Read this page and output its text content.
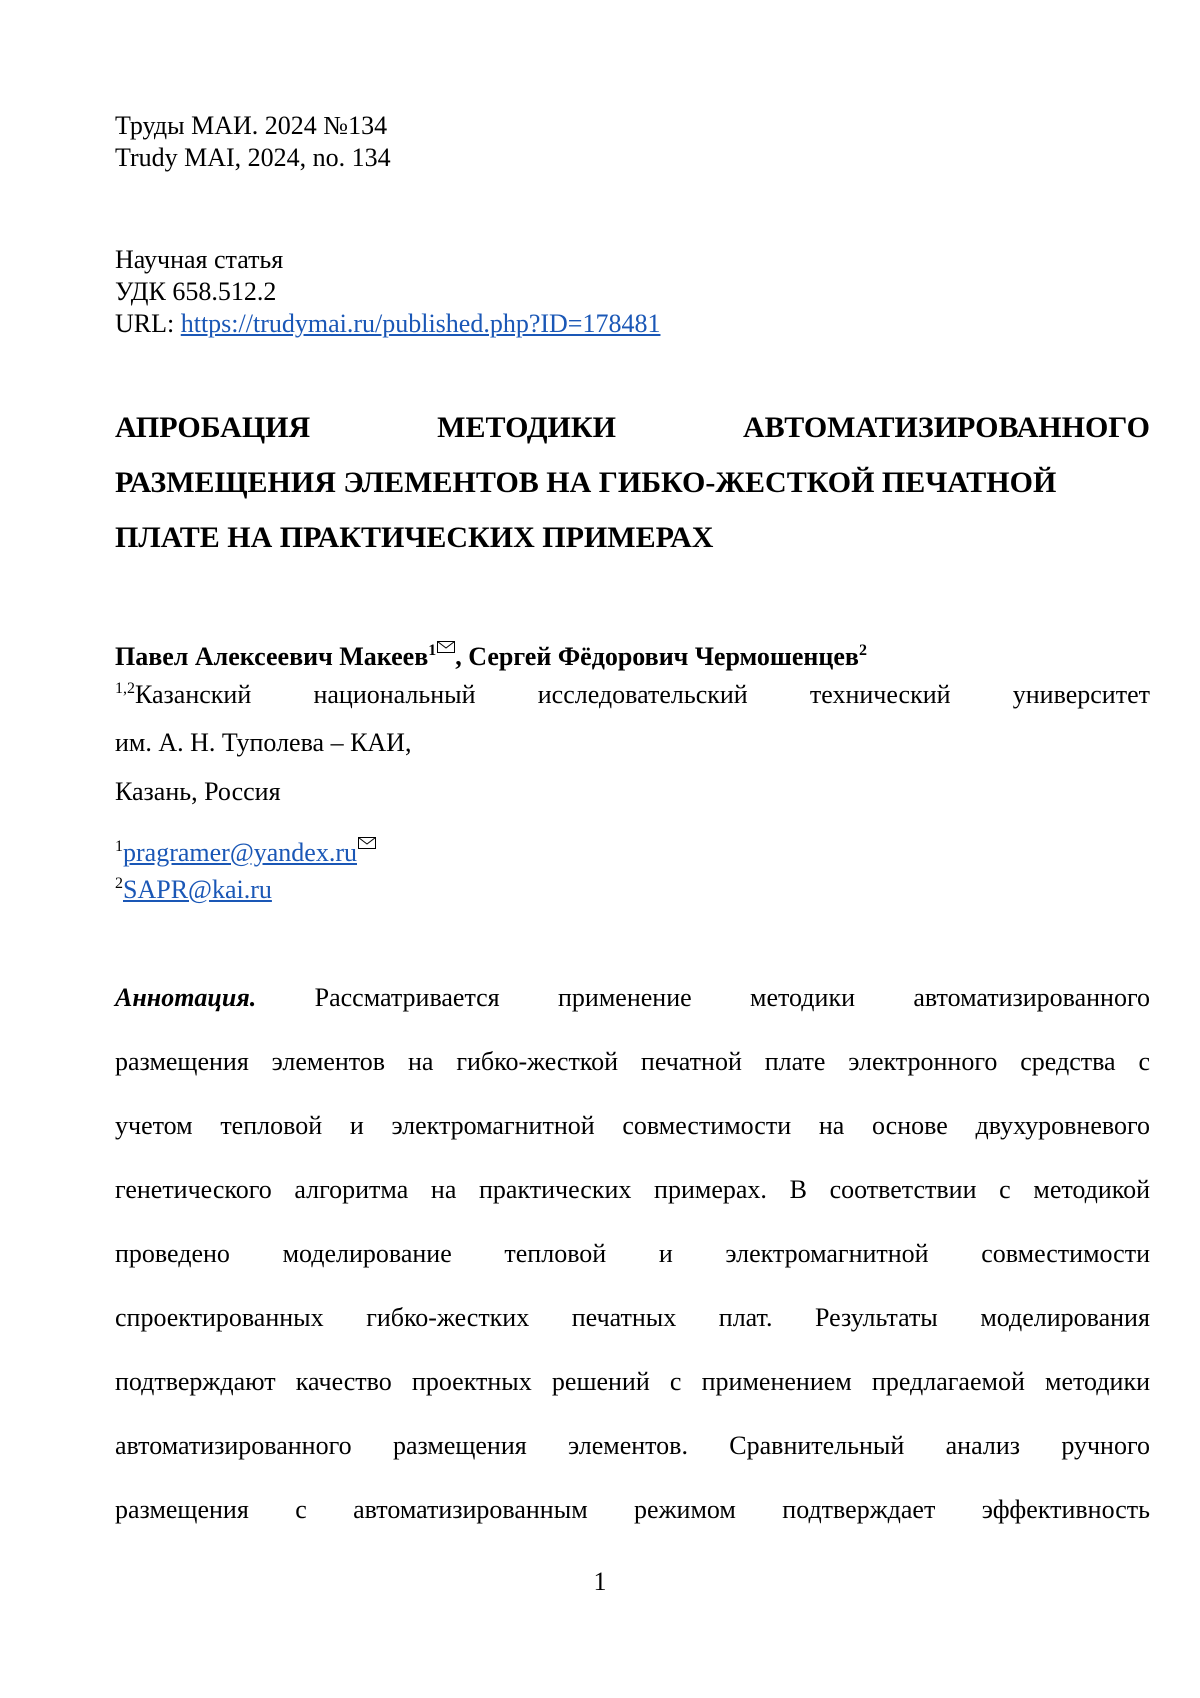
Труды МАИ. 2024 №134
Trudy MAI, 2024, no. 134
Научная статья
УДК 658.512.2
URL: https://trudymai.ru/published.php?ID=178481
АПРОБАЦИЯ	МЕТОДИКИ	АВТОМАТИЗИРОВАННОГО
РАЗМЕЩЕНИЯ ЭЛЕМЕНТОВ НА ГИБКО-ЖЕСТКОЙ ПЕЧАТНОЙ
ПЛАТЕ НА ПРАКТИЧЕСКИХ ПРИМЕРАХ
Павел Алексеевич Макеев$^1$ , Сергей Фёдорович Чермошенцев$^2$
$^{1,2}$Казанский национальный исследовательский технический университет
им. А. Н. Туполева – КАИ,
Казань, Россия
$^1$pragramer@yandex.ru
$^2$SAPR@kai.ru
Аннотация. Рассматривается применение методики автоматизированного
размещения элементов на гибко-жесткой печатной плате электронного средства с
учетом тепловой и электромагнитной совместимости на основе двухуровневого
генетического алгоритма на практических примерах. В соответствии с методикой
проведено моделирование тепловой и электромагнитной совместимости
спроектированных гибко-жестких печатных плат. Результаты моделирования
подтверждают качество проектных решений с применением предлагаемой методики
автоматизированного размещения элементов. Сравнительный анализ ручного
размещения с автоматизированным режимом подтверждает эффективность
1
